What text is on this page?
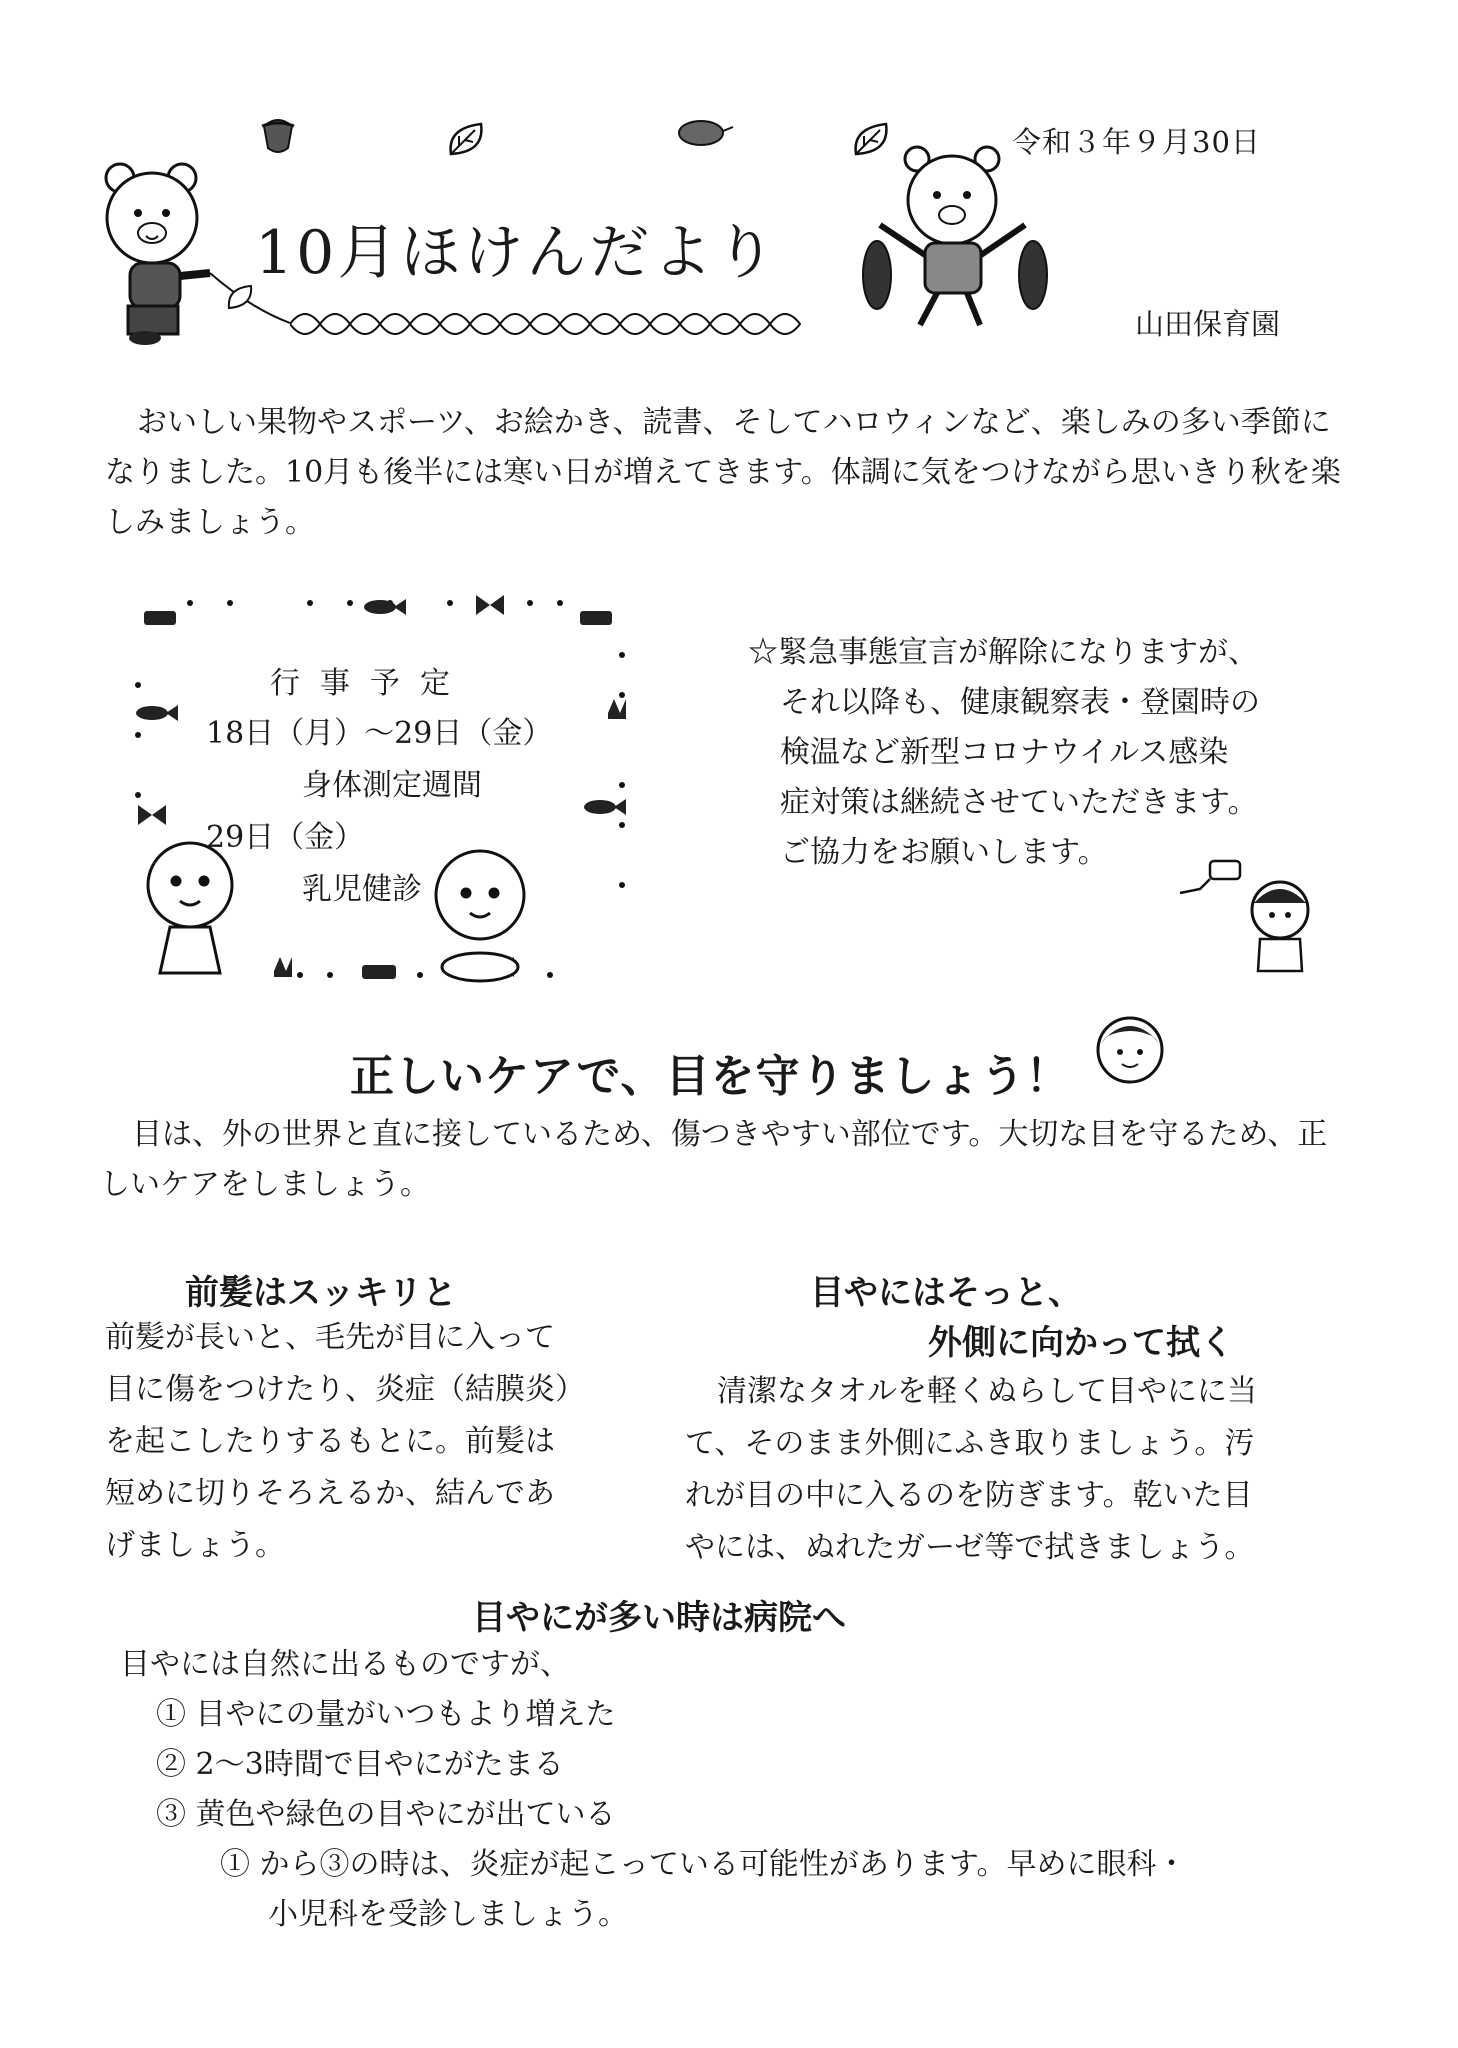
令和３年９月30日
山田保育園
10月ほけんだより

おいしい果物やスポーツ、お絵かき、読書、そしてハロウィンなど、楽しみの多い季節になりました。10月も後半には寒い日が増えてきます。体調に気をつけながら思いきり秋を楽しみましょう。

行事予定
18日（月）～29日（金）
身体測定週間
29日（金）
乳児健診
☆緊急事態宣言が解除になりますが、
それ以降も、健康観察表・登園時の
検温など新型コロナウイルス感染
症対策は継続させていただきます。
ご協力をお願いします。
正しいケアで、目を守りましょう！

目は、外の世界と直に接しているため、傷つきやすい部位です。大切な目を守るため、正しいケアをしましょう。

前髪はスッキリと
前髪が長いと、毛先が目に入って
目に傷をつけたり、炎症（結膜炎）
を起こしたりするもとに。前髪は
短めに切りそろえるか、結んであ
げましょう。
目やにはそっと、
外側に向かって拭く
清潔なタオルを軽くぬらして目やにに当
て、そのまま外側にふき取りましょう。汚
れが目の中に入るのを防ぎます。乾いた目
やには、ぬれたガーゼ等で拭きましょう。
目やにが多い時は病院へ
目やには自然に出るものですが、
① 目やにの量がいつもより増えた
② 2～3時間で目やにがたまる
③ 黄色や緑色の目やにが出ている
① から③の時は、炎症が起こっている可能性があります。早めに眼科・
小児科を受診しましょう。
